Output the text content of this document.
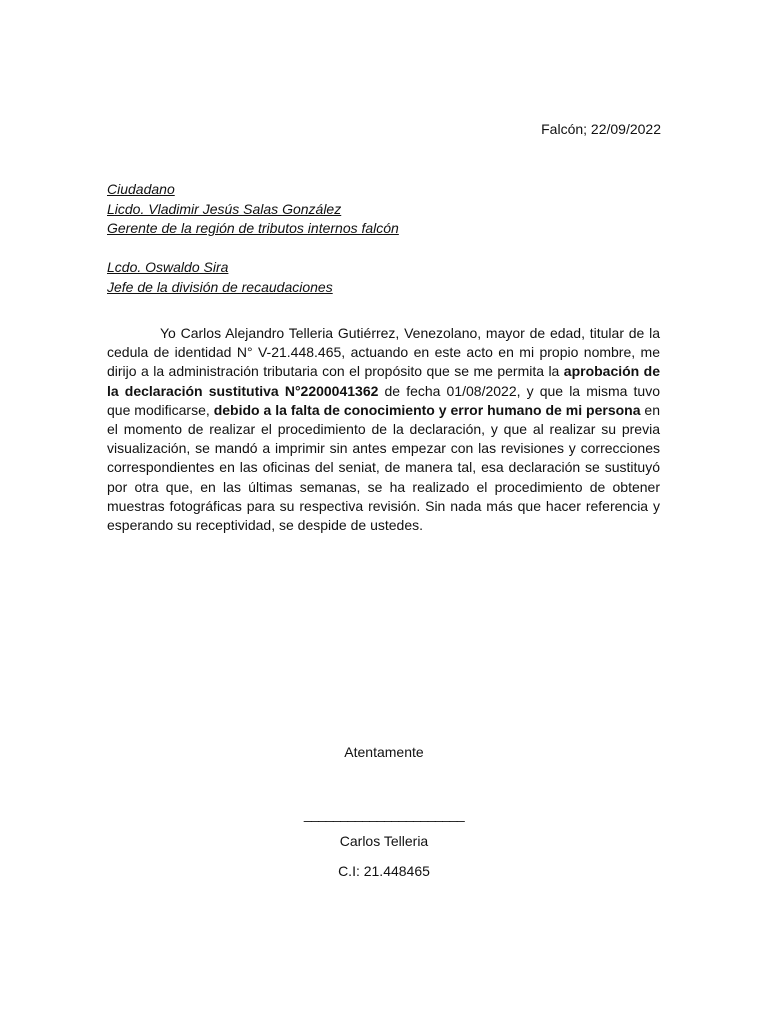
Falcón; 22/09/2022
Ciudadano
Licdo. Vladimir Jesús Salas González
Gerente de la región de tributos internos falcón
Lcdo. Oswaldo Sira
Jefe de la división de recaudaciones
Yo Carlos Alejandro Telleria Gutiérrez, Venezolano, mayor de edad, titular de la cedula de identidad N° V-21.448.465, actuando en este acto en mi propio nombre, me dirijo a la administración tributaria con el propósito que se me permita la aprobación de la declaración sustitutiva N°2200041362 de fecha 01/08/2022, y que la misma tuvo que modificarse, debido a la falta de conocimiento y error humano de mi persona en el momento de realizar el procedimiento de la declaración, y que al realizar su previa visualización, se mandó a imprimir sin antes empezar con las revisiones y correcciones correspondientes en las oficinas del seniat, de manera tal, esa declaración se sustituyó por otra que, en las últimas semanas, se ha realizado el procedimiento de obtener muestras fotográficas para su respectiva revisión. Sin nada más que hacer referencia y esperando su receptividad, se despide de ustedes.
Atentamente
______________________
Carlos Telleria
C.I: 21.448465
